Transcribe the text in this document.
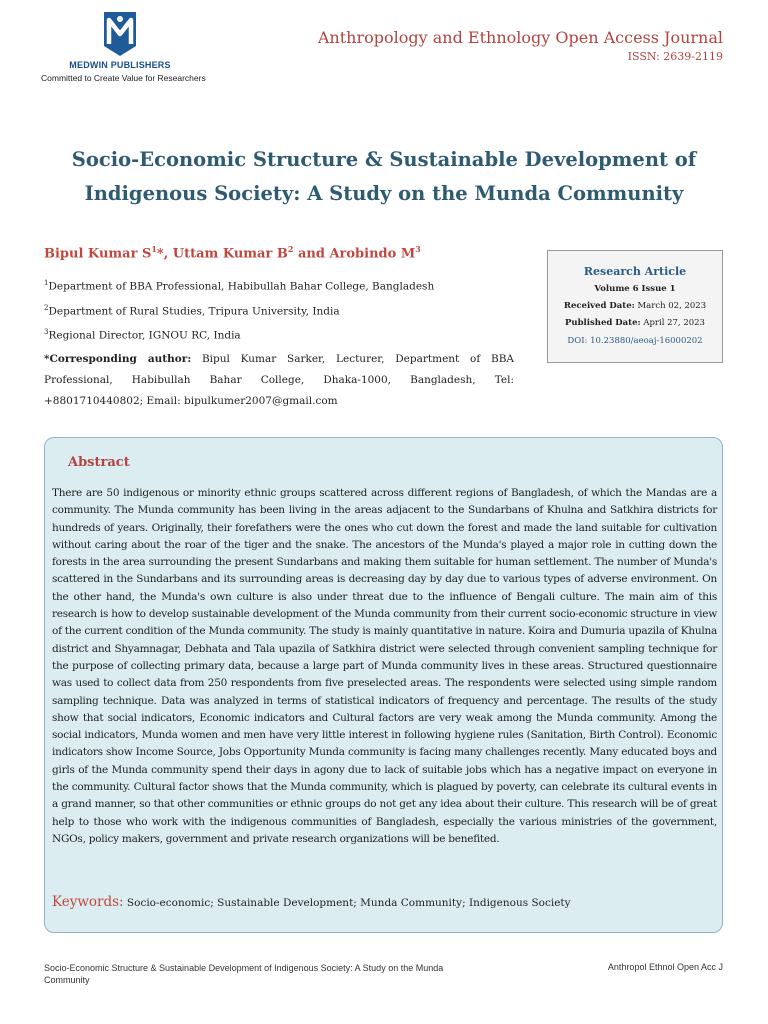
MEDWIN PUBLISHERS
Committed to Create Value for Researchers
Anthropology and Ethnology Open Access Journal
ISSN: 2639-2119
Socio-Economic Structure & Sustainable Development of
Indigenous Society: A Study on the Munda Community
Bipul Kumar $S^1*$, Uttam Kumar $B^2$ and Arobindo $M^3$
$^1$Department of BBA Professional, Habibullah Bahar College, Bangladesh
$^2$Department of Rural Studies, Tripura University, India
$^3$Regional Director, IGNOU RC, India
*Corresponding author: Bipul Kumar Sarker, Lecturer, Department of BBA Professional, Habibullah Bahar College, Dhaka-1000, Bangladesh, Tel: +8801710440802; Email: bipulkumer2007@gmail.com
Research Article
Volume 6 Issue 1
Received Date: March 02, 2023
Published Date: April 27, 2023
DOI: 10.23880/aeoaj-16000202
Abstract
There are 50 indigenous or minority ethnic groups scattered across different regions of Bangladesh, of which the Mandas are a community. The Munda community has been living in the areas adjacent to the Sundarbans of Khulna and Satkhira districts for hundreds of years. Originally, their forefathers were the ones who cut down the forest and made the land suitable for cultivation without caring about the roar of the tiger and the snake. The ancestors of the Munda's played a major role in cutting down the forests in the area surrounding the present Sundarbans and making them suitable for human settlement. The number of Munda's scattered in the Sundarbans and its surrounding areas is decreasing day by day due to various types of adverse environment. On the other hand, the Munda's own culture is also under threat due to the influence of Bengali culture. The main aim of this research is how to develop sustainable development of the Munda community from their current socio-economic structure in view of the current condition of the Munda community. The study is mainly quantitative in nature. Koira and Dumuria upazila of Khulna district and Shyamnagar, Debhata and Tala upazila of Satkhira district were selected through convenient sampling technique for the purpose of collecting primary data, because a large part of Munda community lives in these areas. Structured questionnaire was used to collect data from 250 respondents from five preselected areas. The respondents were selected using simple random sampling technique. Data was analyzed in terms of statistical indicators of frequency and percentage. The results of the study show that social indicators, Economic indicators and Cultural factors are very weak among the Munda community. Among the social indicators, Munda women and men have very little interest in following hygiene rules (Sanitation, Birth Control). Economic indicators show Income Source, Jobs Opportunity Munda community is facing many challenges recently. Many educated boys and girls of the Munda community spend their days in agony due to lack of suitable jobs which has a negative impact on everyone in the community. Cultural factor shows that the Munda community, which is plagued by poverty, can celebrate its cultural events in a grand manner, so that other communities or ethnic groups do not get any idea about their culture. This research will be of great help to those who work with the indigenous communities of Bangladesh, especially the various ministries of the government, NGOs, policy makers, government and private research organizations will be benefited.
Keywords: Socio-economic; Sustainable Development; Munda Community; Indigenous Society
Socio-Economic Structure & Sustainable Development of Indigenous Society: A Study on the Munda Community
Anthropol Ethnol Open Acc J
